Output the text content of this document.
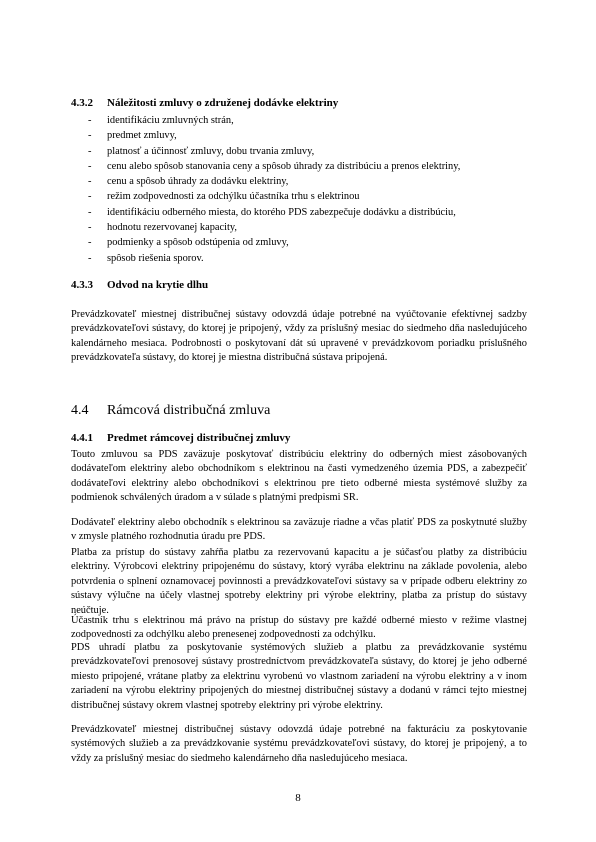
4.3.2 Náležitosti zmluvy o združenej dodávke elektriny
- identifikáciu zmluvných strán,
- predmet zmluvy,
- platnosť a účinnosť zmluvy, dobu trvania zmluvy,
- cenu alebo spôsob stanovania ceny a spôsob úhrady za distribúciu a prenos elektriny,
- cenu a spôsob úhrady za dodávku elektriny,
- režim zodpovednosti za odchýlku účastníka trhu s elektrinou
- identifikáciu odberného miesta, do ktorého PDS zabezpečuje dodávku a distribúciu,
- hodnotu rezervovanej kapacity,
- podmienky a spôsob odstúpenia od zmluvy,
- spôsob riešenia sporov.
4.3.3 Odvod na krytie dlhu

Prevádzkovateľ miestnej distribučnej sústavy odovzdá údaje potrebné na vyúčtovanie efektívnej sadzby prevádzkovateľovi sústavy, do ktorej je pripojený, vždy za príslušný mesiac do siedmeho dňa nasledujúceho kalendárneho mesiaca. Podrobnosti o poskytovaní dát sú upravené v prevádzkovom poriadku príslušného prevádzkovateľa sústavy, do ktorej je miestna distribučná sústava pripojená.

4.4 Rámcová distribučná zmluva
4.4.1 Predmet rámcovej distribučnej zmluvy

Touto zmluvou sa PDS zaväzuje poskytovať distribúciu elektriny do odberných miest zásobovaných dodávateľom elektriny alebo obchodníkom s elektrinou na časti vymedzeného územia PDS, a zabezpečiť dodávateľovi elektriny alebo obchodníkovi s elektrinou pre tieto odberné miesta systémové služby za podmienok schválených úradom a v súlade s platnými predpismi SR.

Dodávateľ elektriny alebo obchodník s elektrinou sa zaväzuje riadne a včas platiť PDS za poskytnuté služby v zmysle platného rozhodnutia úradu pre PDS.

Platba za prístup do sústavy zahŕňa platbu za rezervovanú kapacitu a je súčasťou platby za distribúciu elektriny. Výrobcovi elektriny pripojenému do sústavy, ktorý vyrába elektrinu na základe povolenia, alebo potvrdenia o splnení oznamovacej povinnosti a prevádzkovateľovi sústavy sa v prípade odberu elektriny zo sústavy výlučne na účely vlastnej spotreby elektriny pri výrobe elektriny, platba za prístup do sústavy neúčtuje.

Účastník trhu s elektrinou má právo na prístup do sústavy pre každé odberné miesto v režime vlastnej zodpovednosti za odchýlku alebo prenesenej zodpovednosti za odchýlku.

PDS uhradí platbu za poskytovanie systémových služieb a platbu za prevádzkovanie systému prevádzkovateľovi prenosovej sústavy prostredníctvom prevádzkovateľa sústavy, do ktorej je jeho odberné miesto pripojené, vrátane platby za elektrinu vyrobenú vo vlastnom zariadení na výrobu elektriny a v inom zariadení na výrobu elektriny pripojených do miestnej distribučnej sústavy a dodanú v rámci tejto miestnej distribučnej sústavy okrem vlastnej spotreby elektriny pri výrobe elektriny.

Prevádzkovateľ miestnej distribučnej sústavy odovzdá údaje potrebné na fakturáciu za poskytovanie systémových služieb a za prevádzkovanie systému prevádzkovateľovi sústavy, do ktorej je pripojený, a to vždy za príslušný mesiac do siedmeho kalendárneho dňa nasledujúceho mesiaca.

8
